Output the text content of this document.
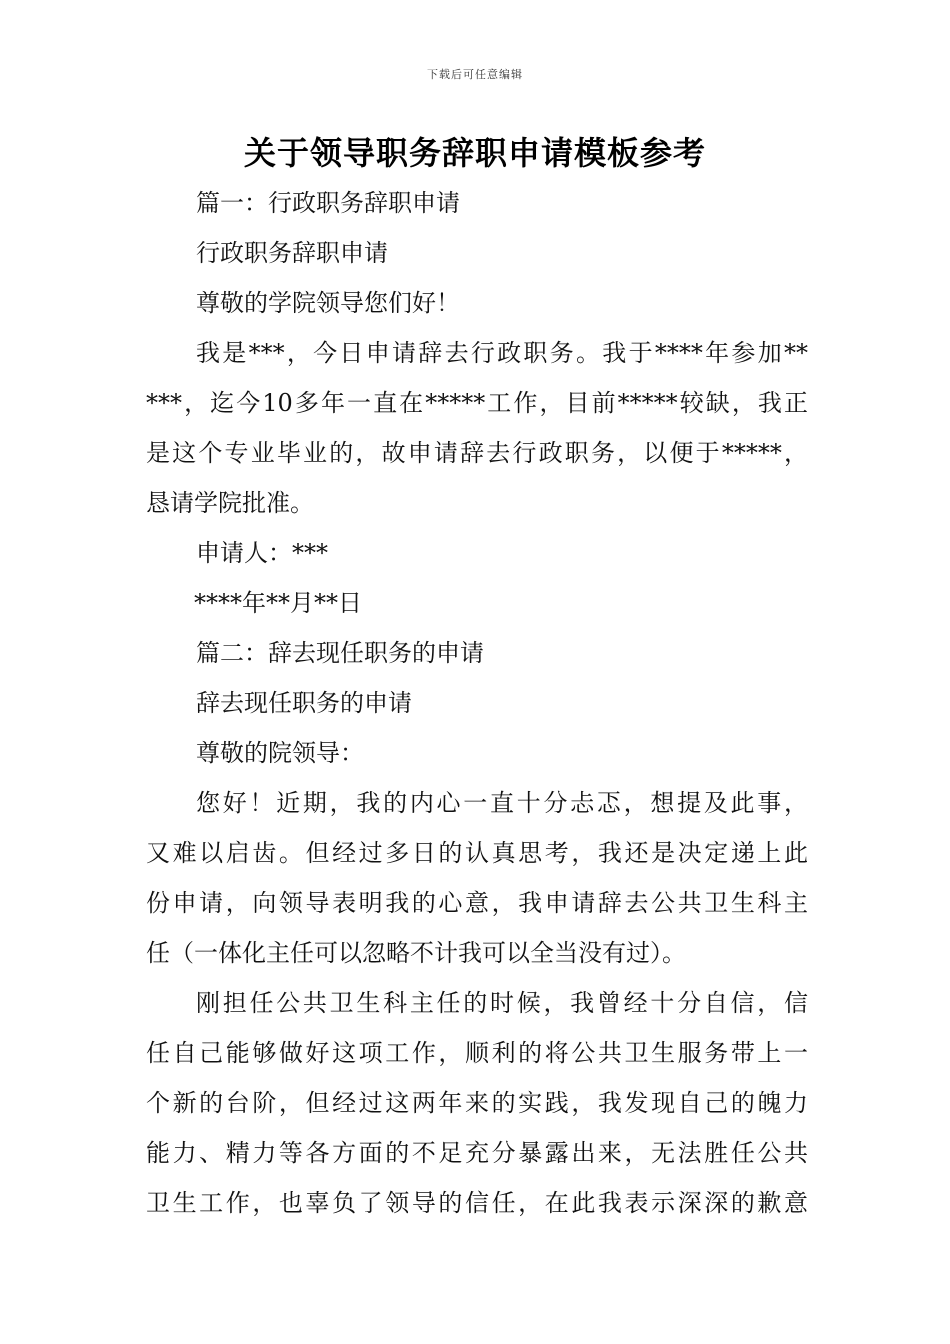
下载后可任意编辑
关于领导职务辞职申请模板参考
篇一：行政职务辞职申请
行政职务辞职申请
尊敬的学院领导您们好！
我是***，今日申请辞去行政职务。我于****年参加**
***，迄今10多年一直在*****工作，目前*****较缺，我正
是这个专业毕业的，故申请辞去行政职务，以便于*****，
恳请学院批准。
申请人：***
****年**月**日
篇二：辞去现任职务的申请
辞去现任职务的申请
尊敬的院领导：
您好！近期，我的内心一直十分忐忑，想提及此事，
又难以启齿。但经过多日的认真思考，我还是决定递上此
份申请，向领导表明我的心意，我申请辞去公共卫生科主
任（一体化主任可以忽略不计我可以全当没有过）。
刚担任公共卫生科主任的时候，我曾经十分自信，信
任自己能够做好这项工作，顺利的将公共卫生服务带上一
个新的台阶，但经过这两年来的实践，我发现自己的魄力
能力、精力等各方面的不足充分暴露出来，无法胜任公共
卫生工作，也辜负了领导的信任，在此我表示深深的歉意
